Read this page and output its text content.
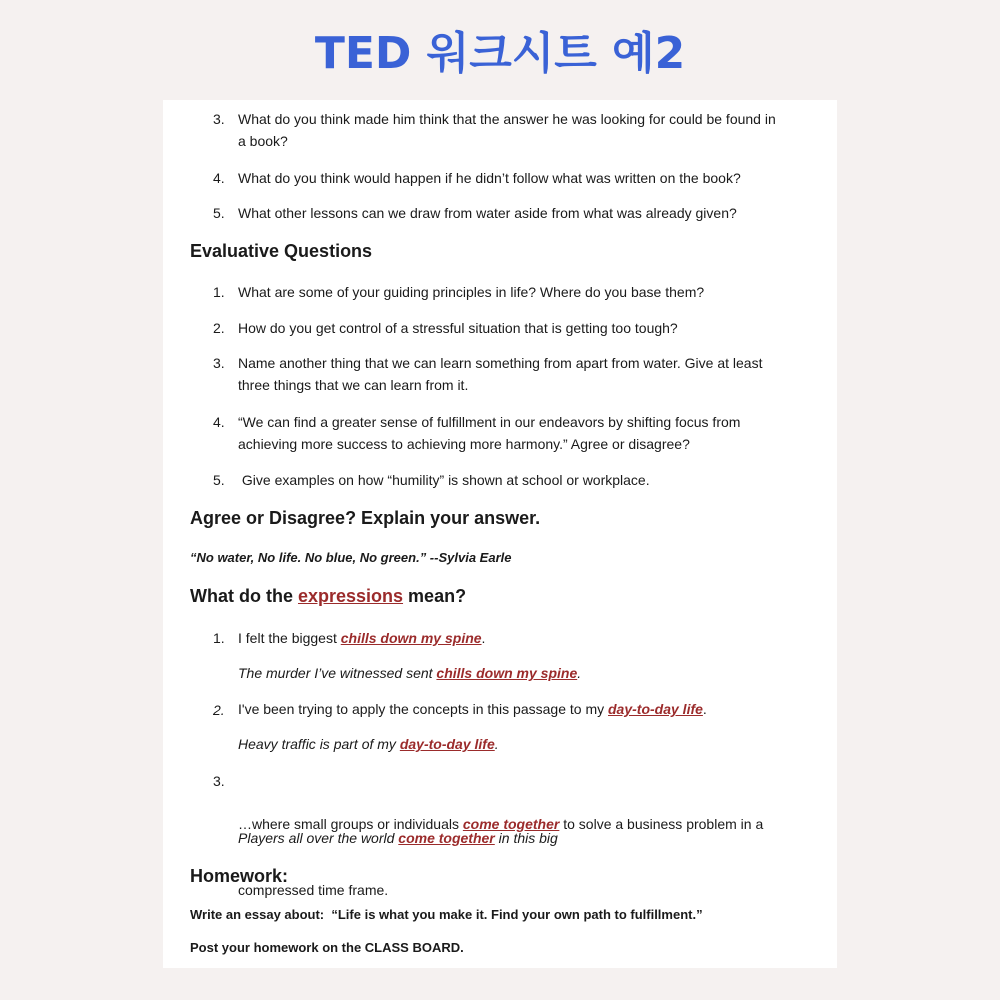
TED 워크시트 예2
3. What do you think made him think that the answer he was looking for could be found in
a book?
4. What do you think would happen if he didn’t follow what was written on the book?
5. What other lessons can we draw from water aside from what was already given?
Evaluative Questions
1. What are some of your guiding principles in life? Where do you base them?
2. How do you get control of a stressful situation that is getting too tough?
3. Name another thing that we can learn something from apart from water. Give at least
three things that we can learn from it.
4. “We can find a greater sense of fulfillment in our endeavors by shifting focus from
achieving more success to achieving more harmony.” Agree or disagree?
5. Give examples on how “humility” is shown at school or workplace.
Agree or Disagree? Explain your answer.
“No water, No life. No blue, No green.” --Sylvia Earle
What do the expressions mean?
1. I felt the biggest chills down my spine.
The murder I’ve witnessed sent chills down my spine.
2. I've been trying to apply the concepts in this passage to my day-to-day life.
Heavy traffic is part of my day-to-day life.
3.

…where small groups or individuals come together to solve a business problem in a

compressed time frame.

Players all over the world come together in this big
Homework:
Write an essay about:  “Life is what you make it. Find your own path to fulfillment.”
Post your homework on the CLASS BOARD.
